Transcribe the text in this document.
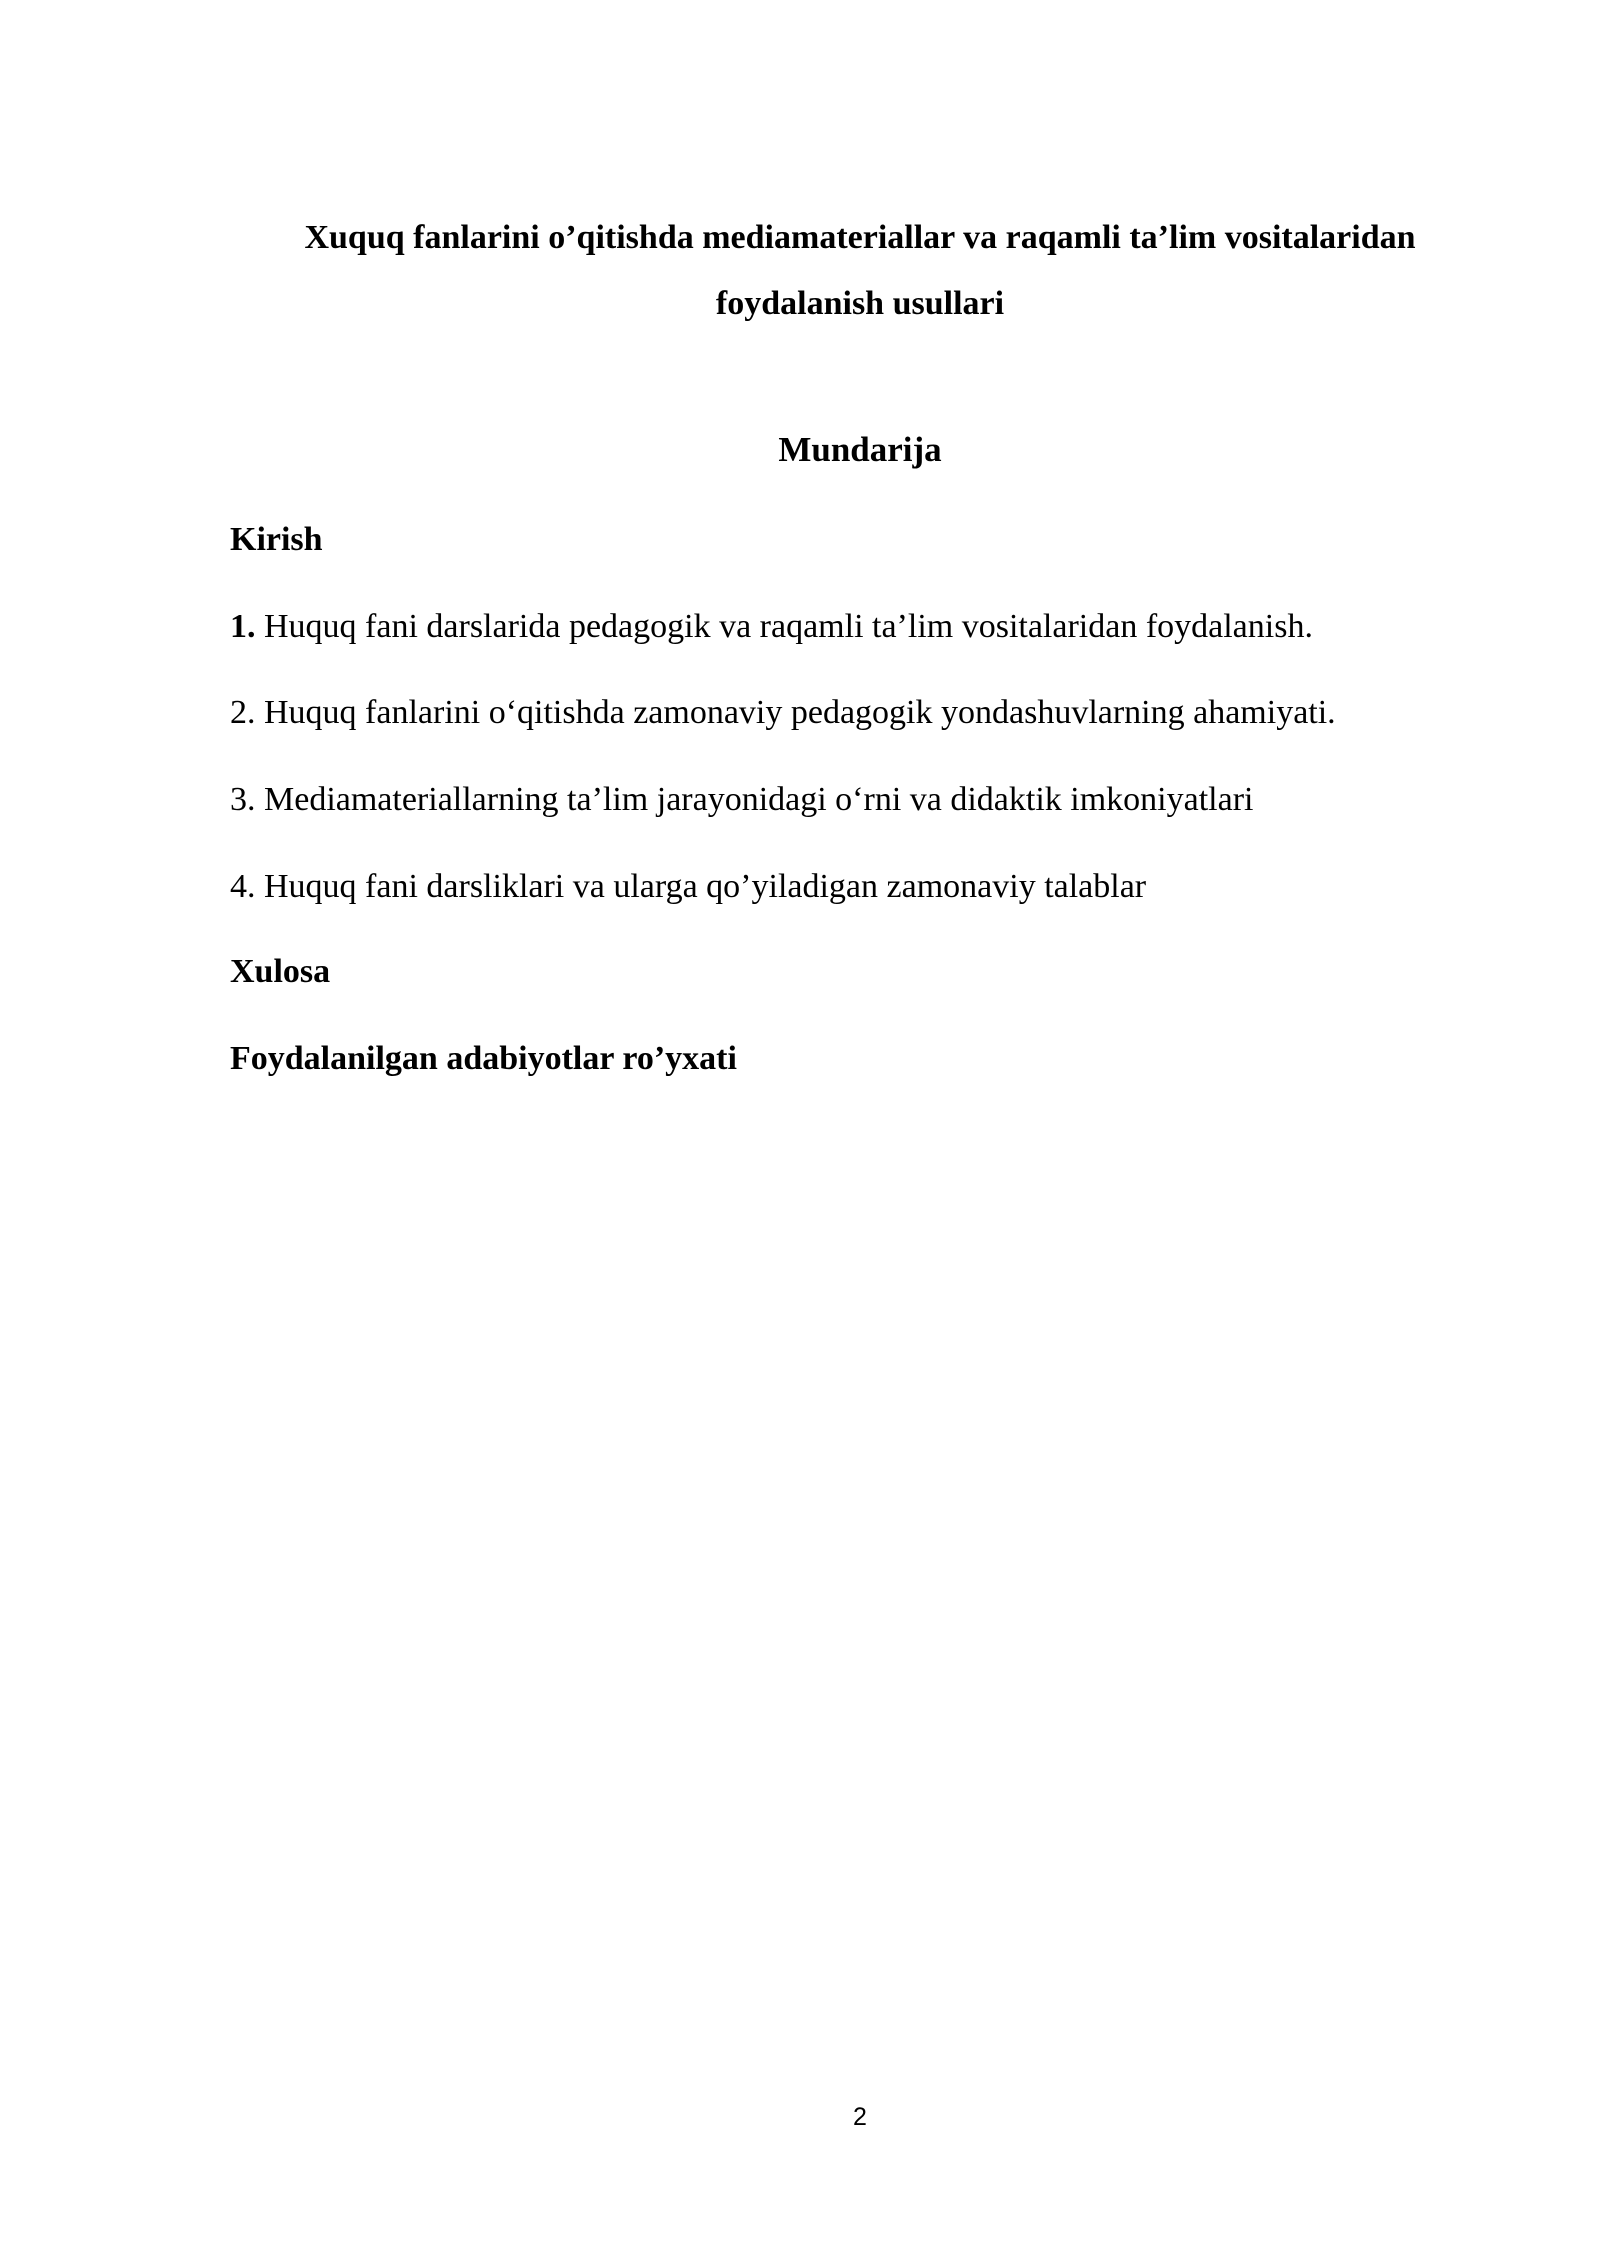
Xuquq fanlarini o’qitishda mediamateriallar va raqamli ta’lim vositalaridan foydalanish usullari
Mundarija
Kirish
1. Huquq fani darslarida pedagogik va raqamli ta’lim vositalaridan foydalanish.
2. Huquq fanlarini o‘qitishda zamonaviy pedagogik yondashuvlarning ahamiyati.
3. Mediamateriallarning ta’lim jarayonidagi o‘rni va didaktik imkoniyatlari
4. Huquq fani darsliklari va ularga qo’yiladigan zamonaviy talablar
Xulosa
Foydalanilgan adabiyotlar ro’yxati
2
